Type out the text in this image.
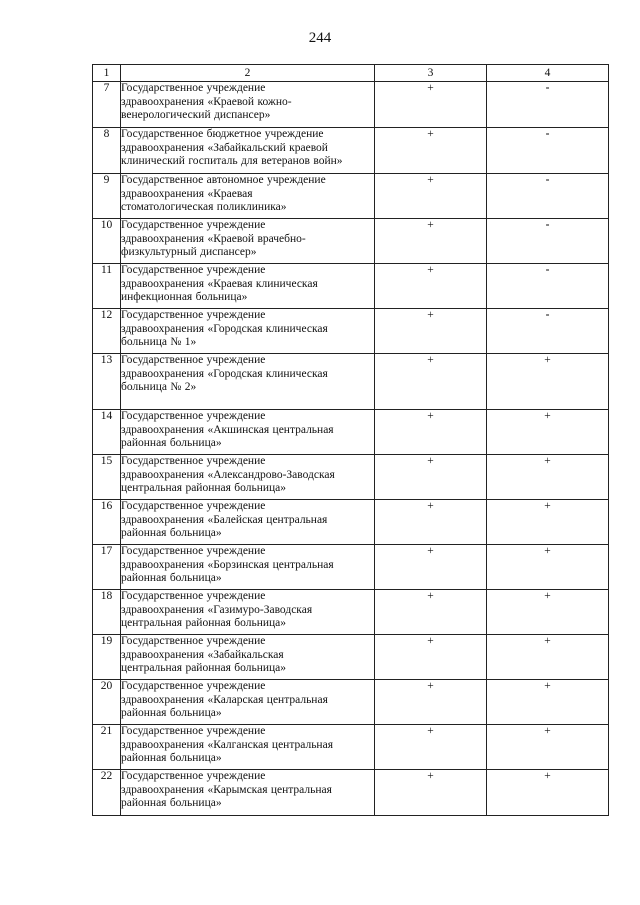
244
1	2	3	4
7	Государственное учреждение
здравоохранения «Краевой кожно-
венерологический диспансер»	+	-
8	Государственное бюджетное учреждение
здравоохранения «Забайкальский краевой
клинический госпиталь для ветеранов войн»	+	-
9	Государственное автономное учреждение
здравоохранения «Краевая
стоматологическая поликлиника»	+	-
10	Государственное учреждение
здравоохранения «Краевой врачебно-
физкультурный диспансер»	+	-
11	Государственное учреждение
здравоохранения «Краевая клиническая
инфекционная больница»	+	-
12	Государственное учреждение
здравоохранения «Городская клиническая
больница № 1»	+	-
13	Государственное учреждение
здравоохранения «Городская клиническая
больница № 2»	+	+
14	Государственное учреждение
здравоохранения «Акшинская центральная
районная больница»	+	+
15	Государственное учреждение
здравоохранения «Александрово-Заводская
центральная районная больница»	+	+
16	Государственное учреждение
здравоохранения «Балейская центральная
районная больница»	+	+
17	Государственное учреждение
здравоохранения «Борзинская центральная
районная больница»	+	+
18	Государственное учреждение
здравоохранения «Газимуро-Заводская
центральная районная больница»	+	+
19	Государственное учреждение
здравоохранения «Забайкальская
центральная районная больница»	+	+
20	Государственное учреждение
здравоохранения «Каларская центральная
районная больница»	+	+
21	Государственное учреждение
здравоохранения «Калганская центральная
районная больница»	+	+
22	Государственное учреждение
здравоохранения «Карымская центральная
районная больница»	+	+
